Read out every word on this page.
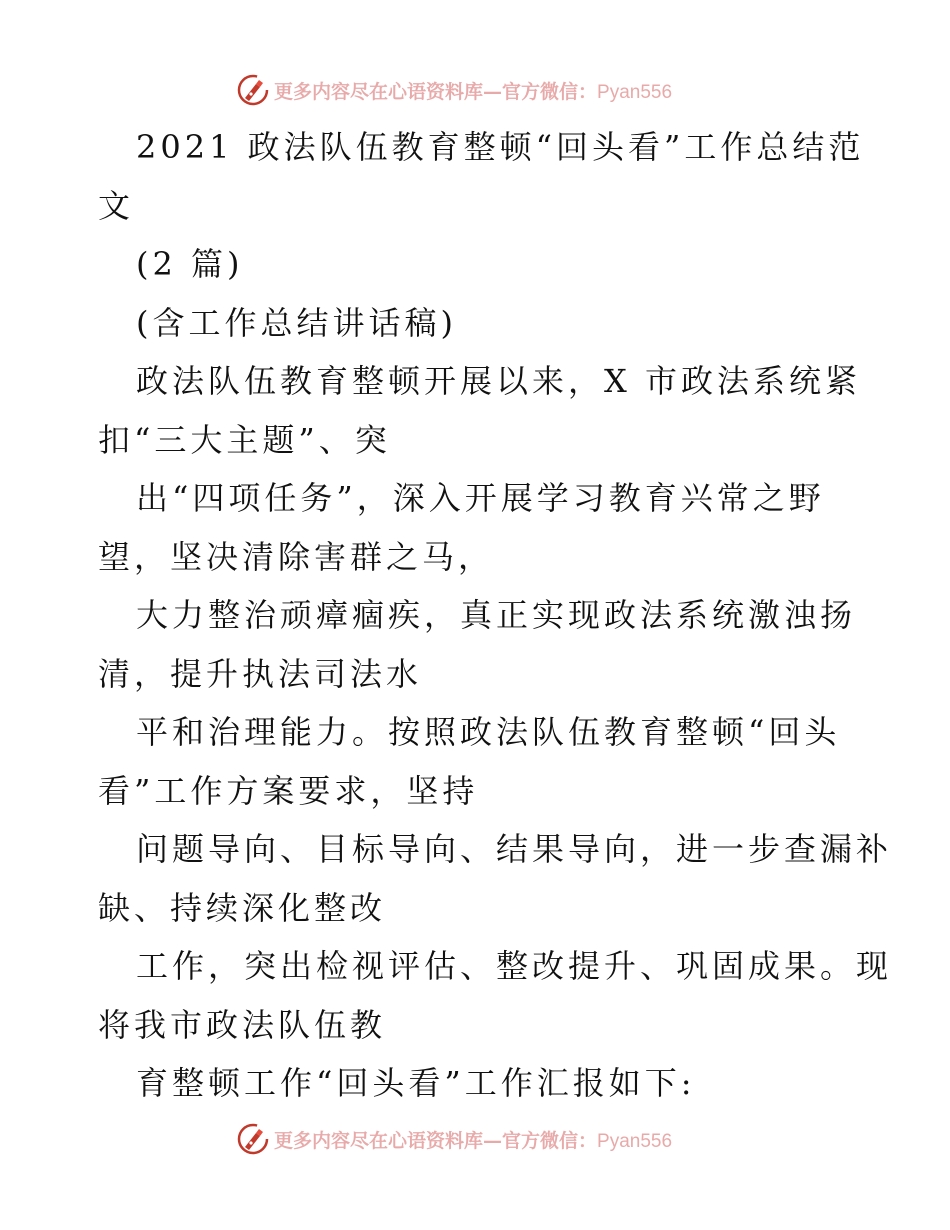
更多内容尽在心语资料库—官方微信：Pyan556
2021 政法队伍教育整顿“回头看”工作总结范
文
(2 篇)
(含工作总结讲话稿)
政法队伍教育整顿开展以来，X 市政法系统紧
扣“三大主题”、突
出“四项任务”，深入开展学习教育兴常之野
望，坚决清除害群之马，
大力整治顽瘴痼疾，真正实现政法系统激浊扬
清，提升执法司法水
平和治理能力。按照政法队伍教育整顿“回头
看”工作方案要求，坚持
问题导向、目标导向、结果导向，进一步查漏补
缺、持续深化整改
工作，突出检视评估、整改提升、巩固成果。现
将我市政法队伍教
育整顿工作“回头看”工作汇报如下:
更多内容尽在心语资料库—官方微信：Pyan556
